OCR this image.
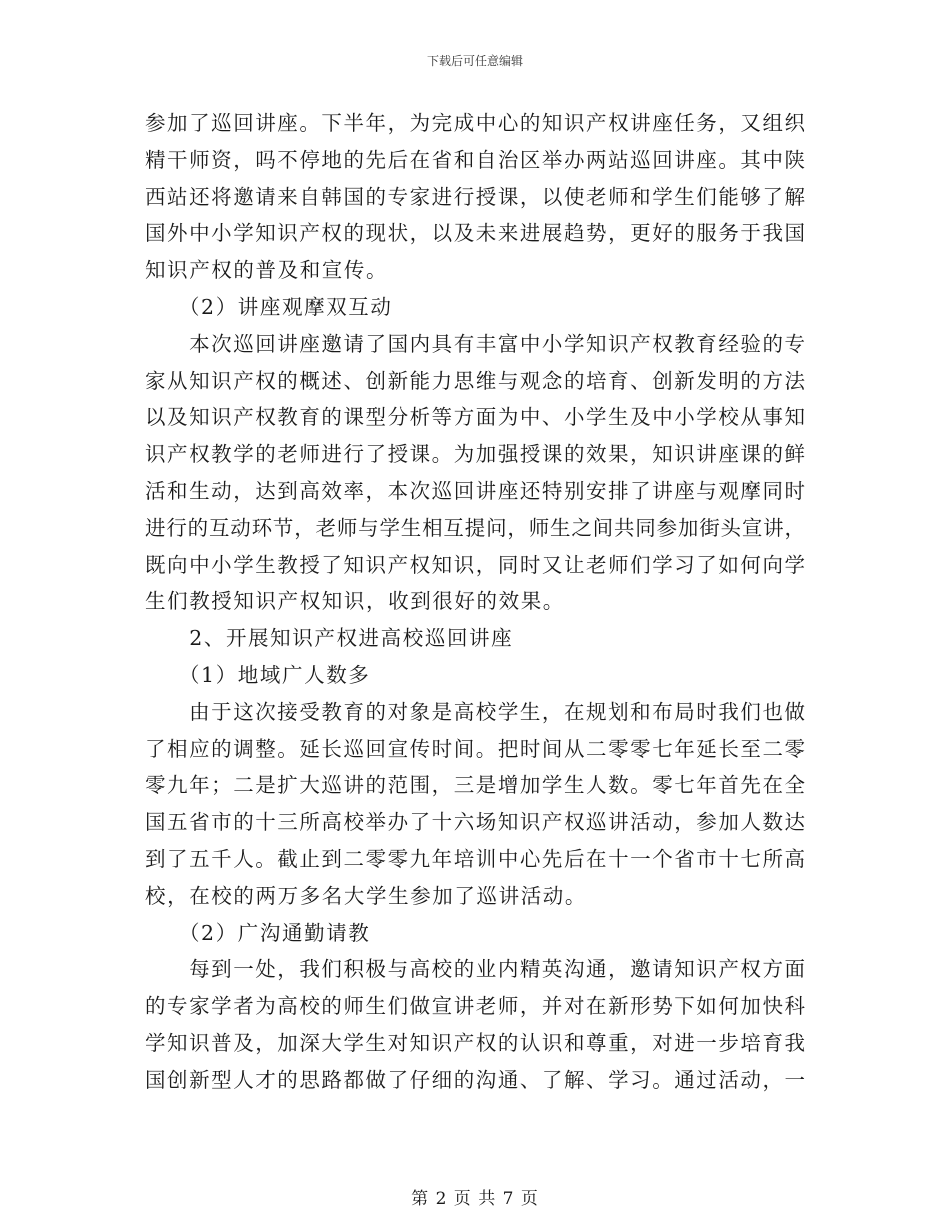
下载后可任意编辑
参加了巡回讲座。下半年，为完成中心的知识产权讲座任务，又组织
精干师资，吗不停地的先后在省和自治区举办两站巡回讲座。其中陕
西站还将邀请来自韩国的专家进行授课，以使老师和学生们能够了解
国外中小学知识产权的现状，以及未来进展趋势，更好的服务于我国
知识产权的普及和宣传。
　　（2）讲座观摩双互动
　　本次巡回讲座邀请了国内具有丰富中小学知识产权教育经验的专
家从知识产权的概述、创新能力思维与观念的培育、创新发明的方法
以及知识产权教育的课型分析等方面为中、小学生及中小学校从事知
识产权教学的老师进行了授课。为加强授课的效果，知识讲座课的鲜
活和生动，达到高效率，本次巡回讲座还特别安排了讲座与观摩同时
进行的互动环节，老师与学生相互提问，师生之间共同参加街头宣讲，
既向中小学生教授了知识产权知识，同时又让老师们学习了如何向学
生们教授知识产权知识，收到很好的效果。
　　2、开展知识产权进高校巡回讲座
　　（1）地域广人数多
　　由于这次接受教育的对象是高校学生，在规划和布局时我们也做
了相应的调整。延长巡回宣传时间。把时间从二零零七年延长至二零
零九年；二是扩大巡讲的范围，三是增加学生人数。零七年首先在全
国五省市的十三所高校举办了十六场知识产权巡讲活动，参加人数达
到了五千人。截止到二零零九年培训中心先后在十一个省市十七所高
校，在校的两万多名大学生参加了巡讲活动。
　　（2）广沟通勤请教
　　每到一处，我们积极与高校的业内精英沟通，邀请知识产权方面
的专家学者为高校的师生们做宣讲老师，并对在新形势下如何加快科
学知识普及，加深大学生对知识产权的认识和尊重，对进一步培育我
国创新型人才的思路都做了仔细的沟通、了解、学习。通过活动，一
第 2 页 共 7 页
